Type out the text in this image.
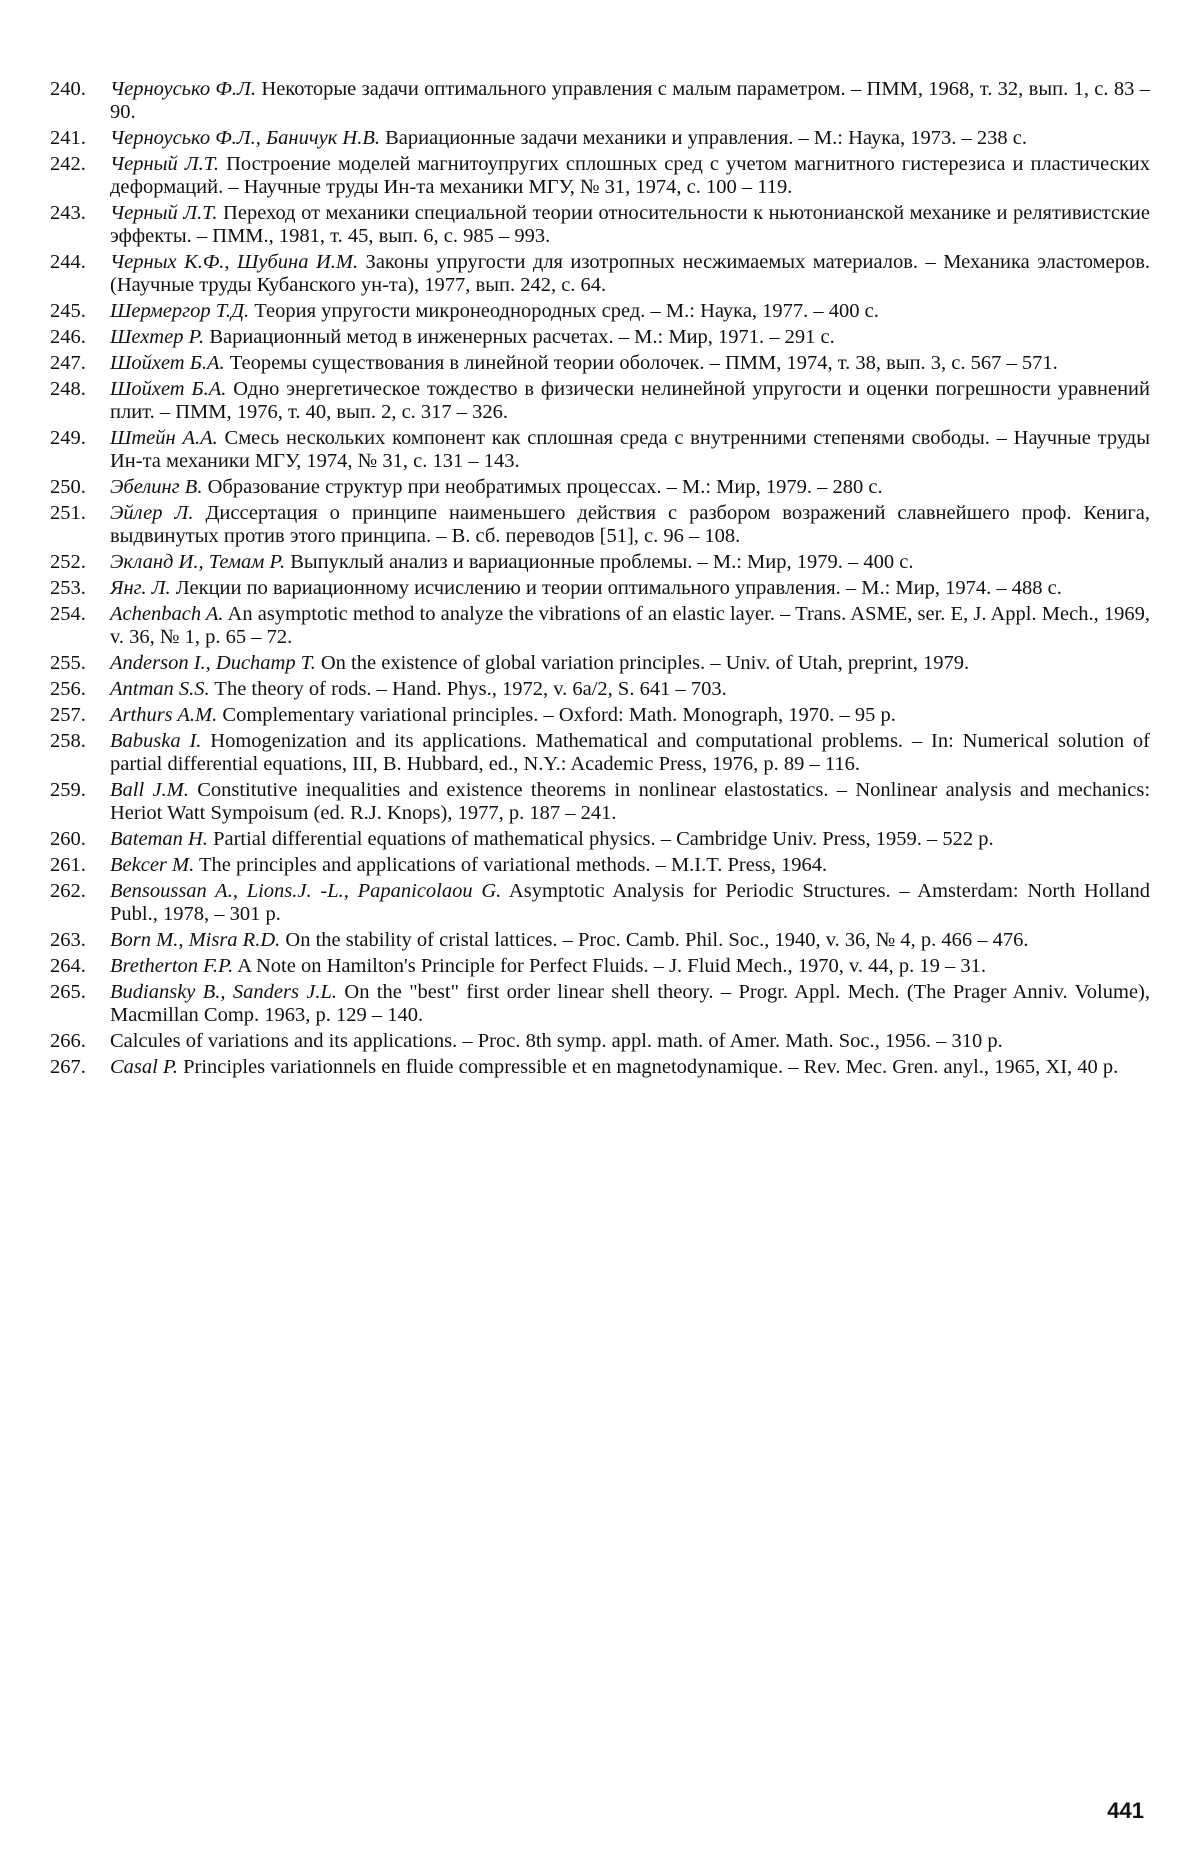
240.	Черноусько Ф.Л. Некоторые задачи оптимального управления с малым параметром. – ПММ, 1968, т. 32, вып. 1, с. 83 – 90.
241.	Черноусько Ф.Л., Баничук Н.В. Вариационные задачи механики и управления. – М.: Наука, 1973. – 238 с.
242.	Черный Л.Т. Построение моделей магнитоупругих сплошных сред с учетом магнитного гистерезиса и пластических деформаций. – Научные труды Ин-та механики МГУ, № 31, 1974, с. 100 – 119.
243.	Черный Л.Т. Переход от механики специальной теории относительности к ньютонианской механике и релятивистские эффекты. – ПММ., 1981, т. 45, вып. 6, с. 985 – 993.
244.	Черных К.Ф., Шубина И.М. Законы упругости для изотропных несжимаемых материалов. – Механика эластомеров. (Научные труды Кубанского ун-та), 1977, вып. 242, с. 64.
245.	Шермергор Т.Д. Теория упругости микронеоднородных сред. – М.: Наука, 1977. – 400 с.
246.	Шехтер Р. Вариационный метод в инженерных расчетах. – М.: Мир, 1971. – 291 с.
247.	Шойхет Б.А. Теоремы существования в линейной теории оболочек. – ПММ, 1974, т. 38, вып. 3, с. 567 – 571.
248.	Шойхет Б.А. Одно энергетическое тождество в физически нелинейной упругости и оценки погрешности уравнений плит. – ПММ, 1976, т. 40, вып. 2, с. 317 – 326.
249.	Штейн А.А. Смесь нескольких компонент как сплошная среда с внутренними степенями свободы. – Научные труды Ин-та механики МГУ, 1974, № 31, с. 131 – 143.
250.	Эбелинг В. Образование структур при необратимых процессах. – М.: Мир, 1979. – 280 с.
251.	Эйлер Л. Диссертация о принципе наименьшего действия с разбором возражений славнейшего проф. Кенига, выдвинутых против этого принципа. – В. сб. переводов [51], с. 96 – 108.
252.	Экланд И., Темам Р. Выпуклый анализ и вариационные проблемы. – М.: Мир, 1979. – 400 с.
253.	Янг. Л. Лекции по вариационному исчислению и теории оптимального управления. – М.: Мир, 1974. – 488 с.
254.	Achenbach A. An asymptotic method to analyze the vibrations of an elastic layer. – Trans. ASME, ser. E, J. Appl. Mech., 1969, v. 36, № 1, p. 65 – 72.
255.	Anderson I., Duchamp T. On the existence of global variation principles. – Univ. of Utah, preprint, 1979.
256.	Antman S.S. The theory of rods. – Hand. Phys., 1972, v. 6a/2, S. 641 – 703.
257.	Arthurs A.M. Complementary variational principles. – Oxford: Math. Monograph, 1970. – 95 p.
258.	Babuska I. Homogenization and its applications. Mathematical and computational problems. – In: Numerical solution of partial differential equations, III, B. Hubbard, ed., N.Y.: Academic Press, 1976, p. 89 – 116.
259.	Ball J.M. Constitutive inequalities and existence theorems in nonlinear elastostatics. – Nonlinear analysis and mechanics: Heriot Watt Sympoisum (ed. R.J. Knops), 1977, p. 187 – 241.
260.	Bateman H. Partial differential equations of mathematical physics. – Cambridge Univ. Press, 1959. – 522 p.
261.	Bekcer M. The principles and applications of variational methods. – M.I.T. Press, 1964.
262.	Bensoussan A., Lions.J. -L., Papanicolaou G. Asymptotic Analysis for Periodic Structures. – Amsterdam: North Holland Publ., 1978, – 301 p.
263.	Born M., Misra R.D. On the stability of cristal lattices. – Proc. Camb. Phil. Soc., 1940, v. 36, № 4, p. 466 – 476.
264.	Bretherton F.P. A Note on Hamilton's Principle for Perfect Fluids. – J. Fluid Mech., 1970, v. 44, p. 19 – 31.
265.	Budiansky B., Sanders J.L. On the "best" first order linear shell theory. – Progr. Appl. Mech. (The Prager Anniv. Volume), Macmillan Comp. 1963, p. 129 – 140.
266.	Calcules of variations and its applications. – Proc. 8th symp. appl. math. of Amer. Math. Soc., 1956. – 310 p.
267.	Casal P. Principles variationnels en fluide compressible et en magnetodynamique. – Rev. Mec. Gren. anyl., 1965, XI, 40 p.
441
